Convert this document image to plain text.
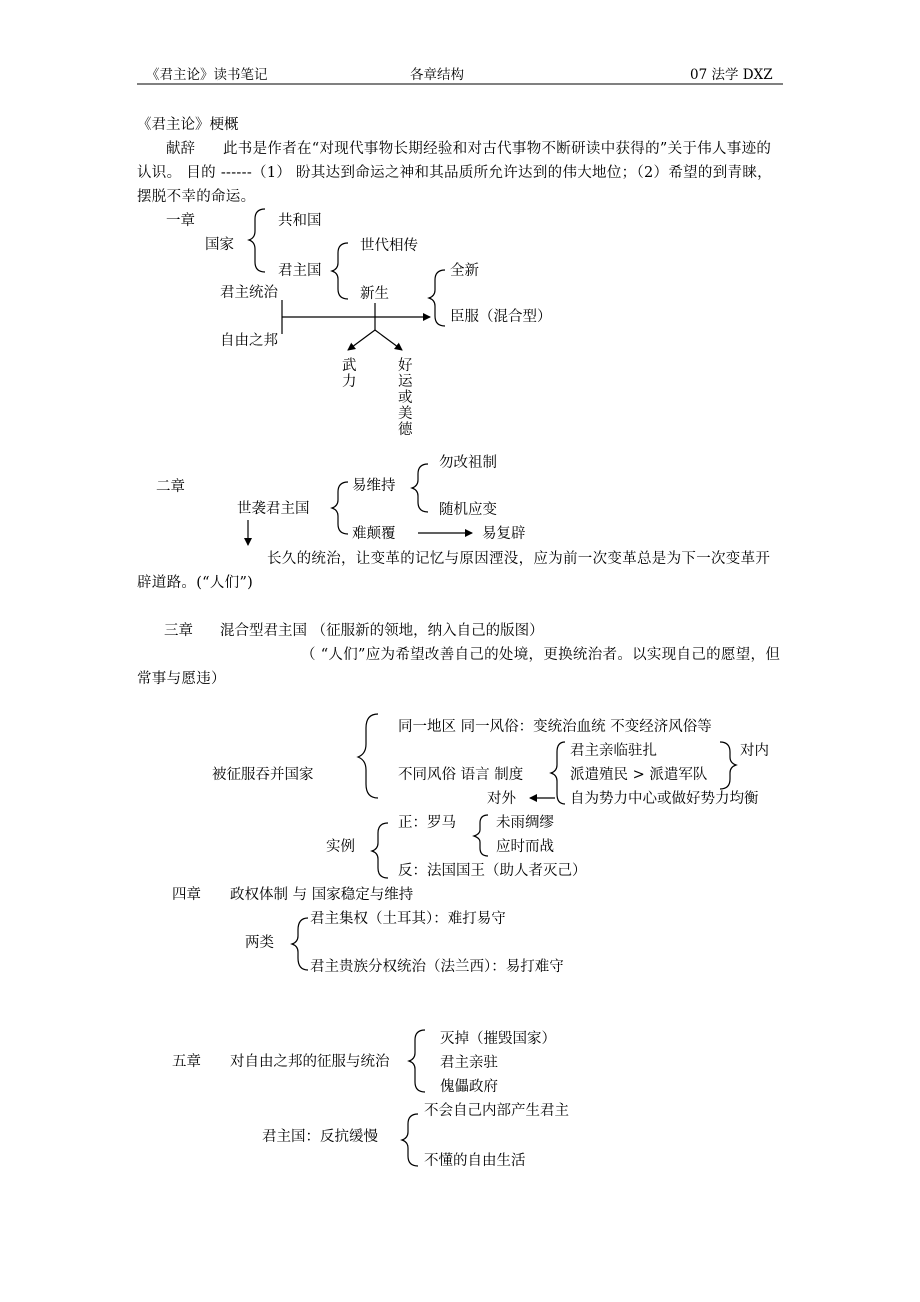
《君主论》读书笔记	各章结构	07 法学 DXZ
《君主论》梗概
献辞	此书是作者在“对现代事物长期经验和对古代事物不断研读中获得的”关于伟人事迹的认识。 目的 ------（1） 盼其达到命运之神和其品质所允许达到的伟大地位；（2）希望的到青睐，摆脱不幸的命运。
一章
国家
共和国
君主国
世代相传
新生
全新
臣服（混合型）
君主统治
自由之邦
武力
好运或美德
二章
世袭君主国
易维持
勿改祖制
随机应变
难颠覆	易复辟
长久的统治，让变革的记忆与原因湮没，应为前一次变革总是为下一次变革开辟道路。(“人们”)
三章 混合型君主国 （征服新的领地，纳入自己的版图）
（ “人们”应为希望改善自己的处境，更换统治者。以实现自己的愿望，但常事与愿违）
被征服吞并国家
同一地区 同一风俗：变统治血统 不变经济风俗等
不同风俗 语言 制度
君主亲临驻扎
派遣殖民 > 派遣军队
自为势力中心或做好势力均衡
对内
对外
实例
正：罗马	未雨绸缪
应时而战
反：法国国王（助人者灭己）
四章 政权体制 与 国家稳定与维持
两类
君主集权（土耳其）：难打易守
君主贵族分权统治（法兰西）：易打难守
五章 对自由之邦的征服与统治
灭掉（摧毁国家）
君主亲驻
傀儡政府
君主国：反抗缓慢
不会自己内部产生君主
不懂的自由生活
